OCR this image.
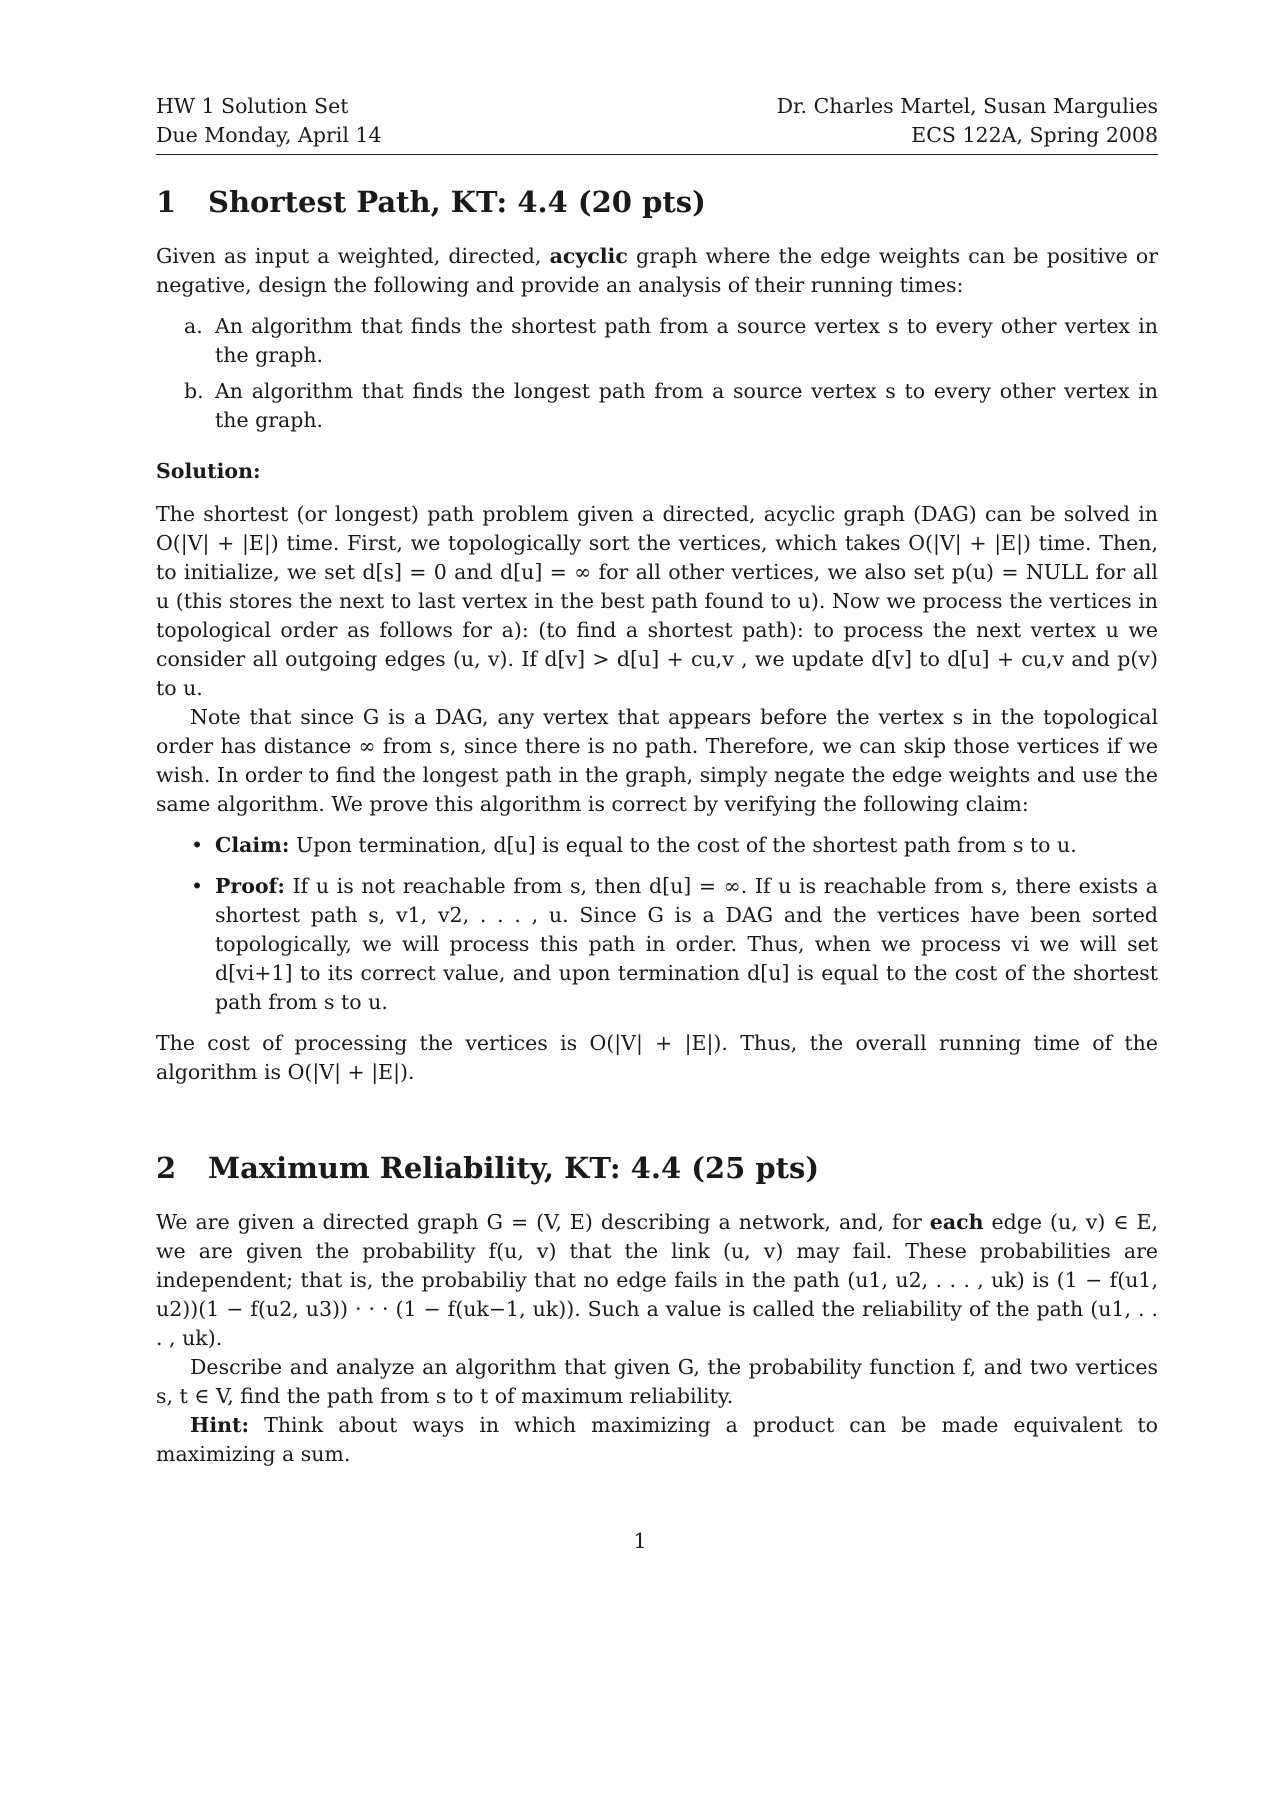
HW 1 Solution Set	Dr. Charles Martel, Susan Margulies
Due Monday, April 14	ECS 122A, Spring 2008
1 Shortest Path, KT: 4.4 (20 pts)

Given as input a weighted, directed, acyclic graph where the edge weights can be positive or negative, design the following and provide an analysis of their running times:

a. An algorithm that finds the shortest path from a source vertex s to every other vertex in the graph.
b. An algorithm that finds the longest path from a source vertex s to every other vertex in the graph.
Solution:

The shortest (or longest) path problem given a directed, acyclic graph (DAG) can be solved in O(|V| + |E|) time. First, we topologically sort the vertices, which takes O(|V| + |E|) time. Then, to initialize, we set d[s] = 0 and d[u] = ∞ for all other vertices, we also set p(u) = NULL for all u (this stores the next to last vertex in the best path found to u). Now we process the vertices in topological order as follows for a): (to find a shortest path): to process the next vertex u we consider all outgoing edges (u, v). If d[v] > d[u] + cu,v , we update d[v] to d[u] + cu,v and p(v) to u.

Note that since G is a DAG, any vertex that appears before the vertex s in the topological order has distance ∞ from s, since there is no path. Therefore, we can skip those vertices if we wish. In order to find the longest path in the graph, simply negate the edge weights and use the same algorithm. We prove this algorithm is correct by verifying the following claim:

• Claim: Upon termination, d[u] is equal to the cost of the shortest path from s to u.
• Proof: If u is not reachable from s, then d[u] = ∞. If u is reachable from s, there exists a shortest path s, v1, v2, . . . , u. Since G is a DAG and the vertices have been sorted topologically, we will process this path in order. Thus, when we process vi we will set d[vi+1] to its correct value, and upon termination d[u] is equal to the cost of the shortest path from s to u.

The cost of processing the vertices is O(|V| + |E|). Thus, the overall running time of the algorithm is O(|V| + |E|).

2 Maximum Reliability, KT: 4.4 (25 pts)

We are given a directed graph G = (V, E) describing a network, and, for each edge (u, v) ∈ E, we are given the probability f(u, v) that the link (u, v) may fail. These probabilities are independent; that is, the probabiliy that no edge fails in the path (u1, u2, . . . , uk) is (1 − f(u1, u2))(1 − f(u2, u3)) · · · (1 − f(uk−1, uk)). Such a value is called the reliability of the path (u1, . . . , uk).

Describe and analyze an algorithm that given G, the probability function f, and two vertices s, t ∈ V, find the path from s to t of maximum reliability.

Hint: Think about ways in which maximizing a product can be made equivalent to maximizing a sum.

1
